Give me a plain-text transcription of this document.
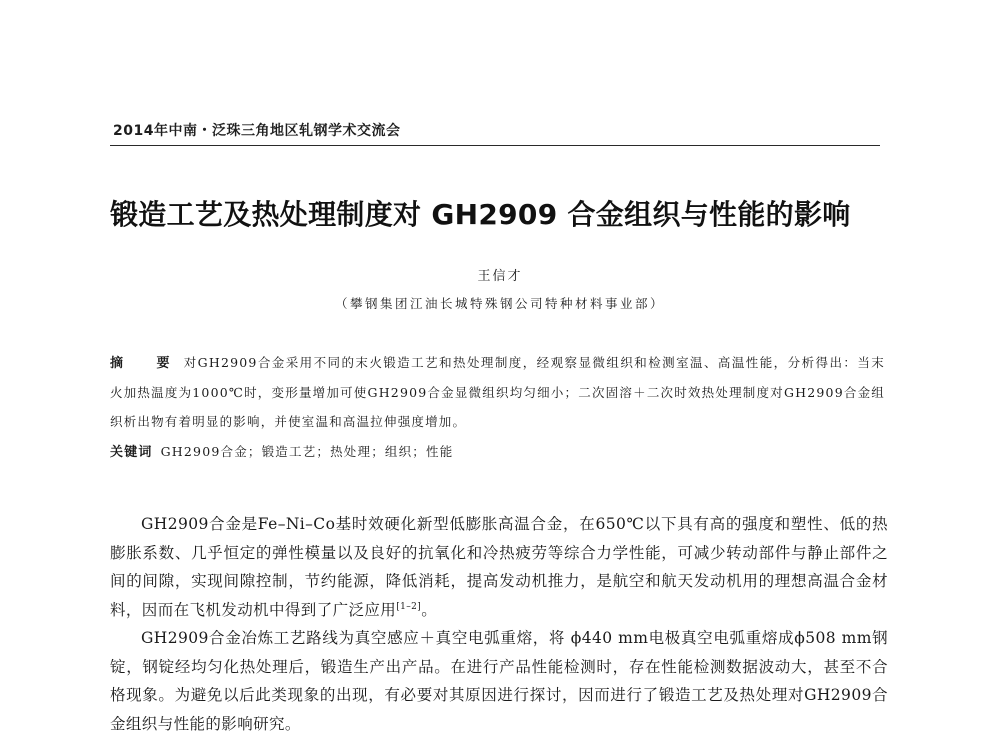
2014年中南・泛珠三角地区轧钢学术交流会
锻造工艺及热处理制度对 GH2909 合金组织与性能的影响
王信才
（攀钢集团江油长城特殊钢公司特种材料事业部）
摘　要 对GH2909合金采用不同的末火锻造工艺和热处理制度，经观察显微组织和检测室温、高温性能，分析得出：当末火加热温度为1000℃时，变形量增加可使GH2909合金显微组织均匀细小；二次固溶＋二次时效热处理制度对GH2909合金组织析出物有着明显的影响，并使室温和高温拉伸强度增加。
关键词 GH2909合金；锻造工艺；热处理；组织；性能

GH2909合金是Fe–Ni–Co基时效硬化新型低膨胀高温合金，在650℃以下具有高的强度和塑性、低的热膨胀系数、几乎恒定的弹性模量以及良好的抗氧化和冷热疲劳等综合力学性能，可减少转动部件与静止部件之间的间隙，实现间隙控制，节约能源，降低消耗，提高发动机推力，是航空和航天发动机用的理想高温合金材料，因而在飞机发动机中得到了广泛应用[1–2]。

GH2909合金冶炼工艺路线为真空感应＋真空电弧重熔，将 ϕ440 mm电极真空电弧重熔成ϕ508 mm钢锭，钢锭经均匀化热处理后，锻造生产出产品。在进行产品性能检测时，存在性能检测数据波动大，甚至不合格现象。为避免以后此类现象的出现，有必要对其原因进行探讨，因而进行了锻造工艺及热处理对GH2909合金组织与性能的影响研究。
